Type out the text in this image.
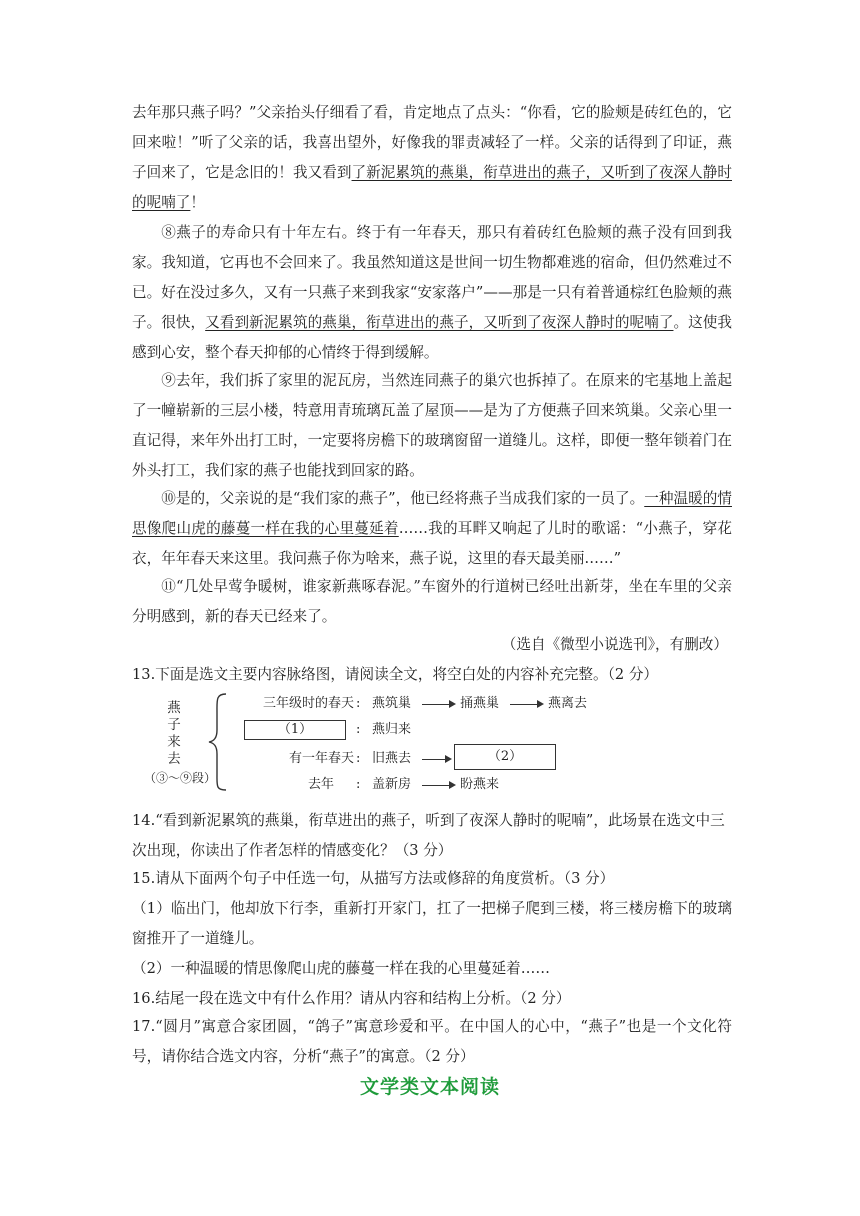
去年那只燕子吗？”父亲抬头仔细看了看，肯定地点了点头：“你看，它的脸颊是砖红色的，它回来啦！”听了父亲的话，我喜出望外，好像我的罪责减轻了一样。父亲的话得到了印证，燕子回来了，它是念旧的！我又看到了新泥累筑的燕巢，衔草进出的燕子，又听到了夜深人静时的呢喃了！

⑧燕子的寿命只有十年左右。终于有一年春天，那只有着砖红色脸颊的燕子没有回到我家。我知道，它再也不会回来了。我虽然知道这是世间一切生物都难逃的宿命，但仍然难过不已。好在没过多久，又有一只燕子来到我家“安家落户”——那是一只有着普通棕红色脸颊的燕子。很快，又看到新泥累筑的燕巢，衔草进出的燕子，又听到了夜深人静时的呢喃了。这使我感到心安，整个春天抑郁的心情终于得到缓解。

⑨去年，我们拆了家里的泥瓦房，当然连同燕子的巢穴也拆掉了。在原来的宅基地上盖起了一幢崭新的三层小楼，特意用青琉璃瓦盖了屋顶——是为了方便燕子回来筑巢。父亲心里一直记得，来年外出打工时，一定要将房檐下的玻璃窗留一道缝儿。这样，即便一整年锁着门在外头打工，我们家的燕子也能找到回家的路。

⑩是的，父亲说的是“我们家的燕子”，他已经将燕子当成我们家的一员了。一种温暖的情思像爬山虎的藤蔓一样在我的心里蔓延着……我的耳畔又响起了儿时的歌谣：“小燕子，穿花衣，年年春天来这里。我问燕子你为啥来，燕子说，这里的春天最美丽……”

⑪“几处早莺争暖树，谁家新燕啄春泥。”车窗外的行道树已经吐出新芽，坐在车里的父亲分明感到，新的春天已经来了。

（选自《微型小说选刊》，有删改）

13.下面是选文主要内容脉络图，请阅读全文，将空白处的内容补充完整。（2 分）

燕
子
来
去
（③～⑨段）
三年级时的春天 : 燕筑巢	捅燕巢	燕离去
（1）	: 燕归来
有一年春天 : 旧燕去	（2）
去年 : 盖新房	盼燕来

14.“看到新泥累筑的燕巢，衔草进出的燕子，听到了夜深人静时的呢喃”，此场景在选文中三次出现，你读出了作者怎样的情感变化？（3 分）

15.请从下面两个句子中任选一句，从描写方法或修辞的角度赏析。（3 分）

（1）临出门，他却放下行李，重新打开家门，扛了一把梯子爬到三楼，将三楼房檐下的玻璃窗推开了一道缝儿。

（2）一种温暖的情思像爬山虎的藤蔓一样在我的心里蔓延着……

16.结尾一段在选文中有什么作用？请从内容和结构上分析。（2 分）

17.“圆月”寓意合家团圆，“鸽子”寓意珍爱和平。在中国人的心中，“燕子”也是一个文化符号，请你结合选文内容，分析“燕子”的寓意。（2 分）

文学类文本阅读
